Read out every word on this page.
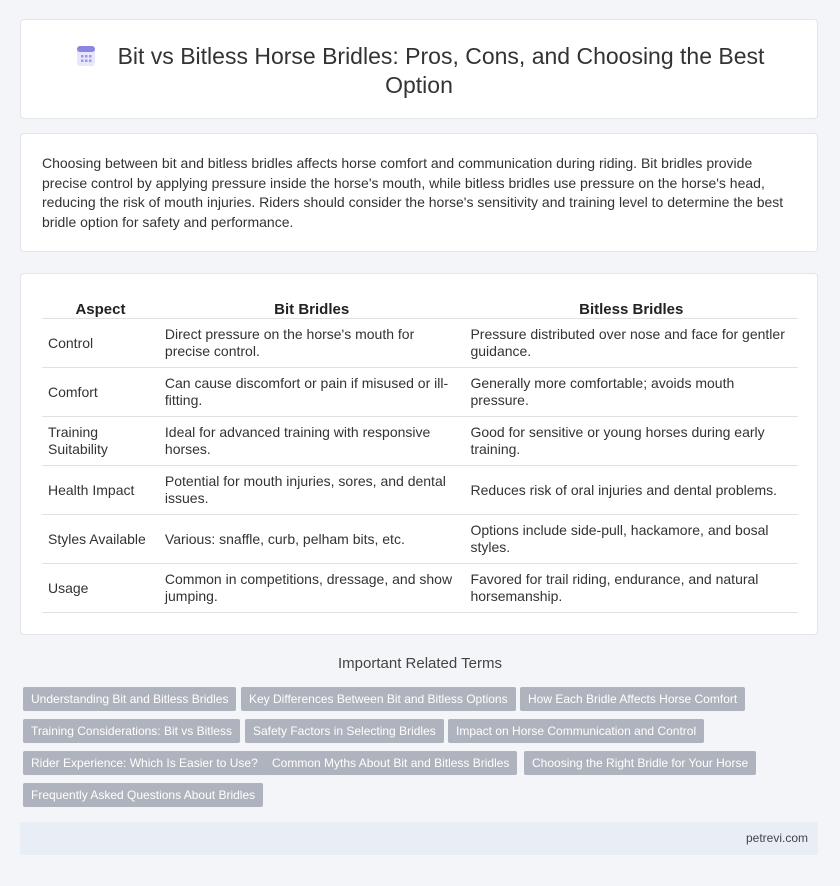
Bit vs Bitless Horse Bridles: Pros, Cons, and Choosing the Best Option

Choosing between bit and bitless bridles affects horse comfort and communication during riding. Bit bridles provide precise control by applying pressure inside the horse's mouth, while bitless bridles use pressure on the horse's head, reducing the risk of mouth injuries. Riders should consider the horse's sensitivity and training level to determine the best bridle option for safety and performance.

Aspect	Bit Bridles	Bitless Bridles
Control	Direct pressure on the horse's mouth for precise control.	Pressure distributed over nose and face for gentler guidance.
Comfort	Can cause discomfort or pain if misused or ill-fitting.	Generally more comfortable; avoids mouth pressure.
Training Suitability	Ideal for advanced training with responsive horses.	Good for sensitive or young horses during early training.
Health Impact	Potential for mouth injuries, sores, and dental issues.	Reduces risk of oral injuries and dental problems.
Styles Available	Various: snaffle, curb, pelham bits, etc.	Options include side-pull, hackamore, and bosal styles.
Usage	Common in competitions, dressage, and show jumping.	Favored for trail riding, endurance, and natural horsemanship.
Important Related Terms
Understanding Bit and Bitless Bridles	Key Differences Between Bit and Bitless Options	How Each Bridle Affects Horse Comfort
Training Considerations: Bit vs Bitless	Safety Factors in Selecting Bridles	Impact on Horse Communication and Control
Rider Experience: Which Is Easier to Use?	Common Myths About Bit and Bitless Bridles	Choosing the Right Bridle for Your Horse
Frequently Asked Questions About Bridles
petrevi.com
